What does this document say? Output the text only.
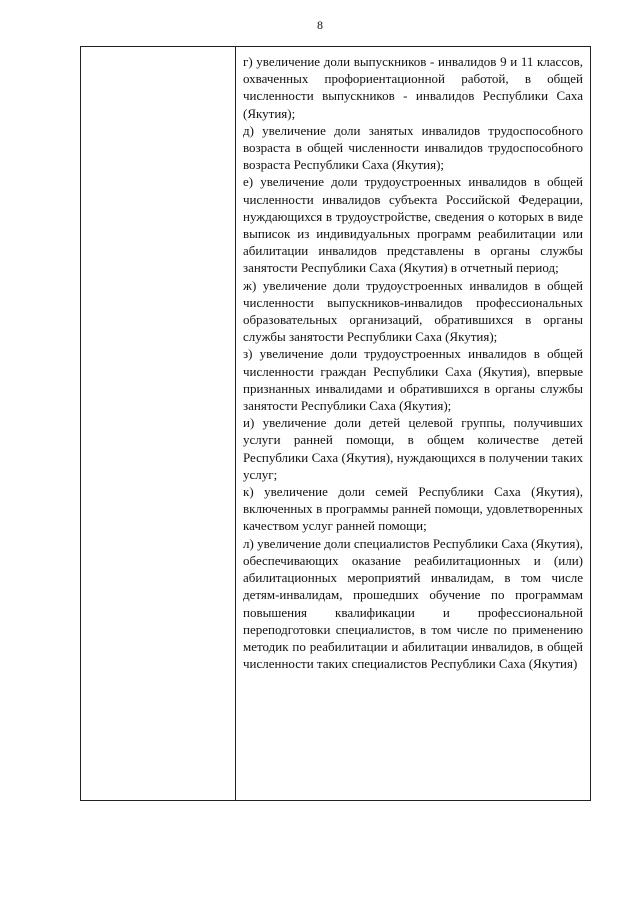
8

г) увеличение доли выпускников - инвалидов 9 и 11 классов, охваченных профориентационной работой, в общей численности выпускников - инвалидов Республики Саха (Якутия);

д) увеличение доли занятых инвалидов трудоспособного возраста в общей численности инвалидов трудоспособного возраста Республики Саха (Якутия);

е) увеличение доли трудоустроенных инвалидов в общей численности инвалидов субъекта Российской Федерации, нуждающихся в трудоустройстве, сведения о которых в виде выписок из индивидуальных программ реабилитации или абилитации инвалидов представлены в органы службы занятости Республики Саха (Якутия) в отчетный период;

ж) увеличение доли трудоустроенных инвалидов в общей численности выпускников-инвалидов профессиональных образовательных организаций, обратившихся в органы службы занятости Республики Саха (Якутия);

з) увеличение доли трудоустроенных инвалидов в общей численности граждан Республики Саха (Якутия), впервые признанных инвалидами и обратившихся в органы службы занятости Республики Саха (Якутия);

и) увеличение доли детей целевой группы, получивших услуги ранней помощи, в общем количестве детей Республики Саха (Якутия), нуждающихся в получении таких услуг;

к) увеличение доли семей Республики Саха (Якутия), включенных в программы ранней помощи, удовлетворенных качеством услуг ранней помощи;

л) увеличение доли специалистов Республики Саха (Якутия), обеспечивающих оказание реабилитационных и (или) абилитационных мероприятий инвалидам, в том числе детям-инвалидам, прошедших обучение по программам повышения квалификации и профессиональной переподготовки специалистов, в том числе по применению методик по реабилитации и абилитации инвалидов, в общей численности таких специалистов Республики Саха (Якутия)
